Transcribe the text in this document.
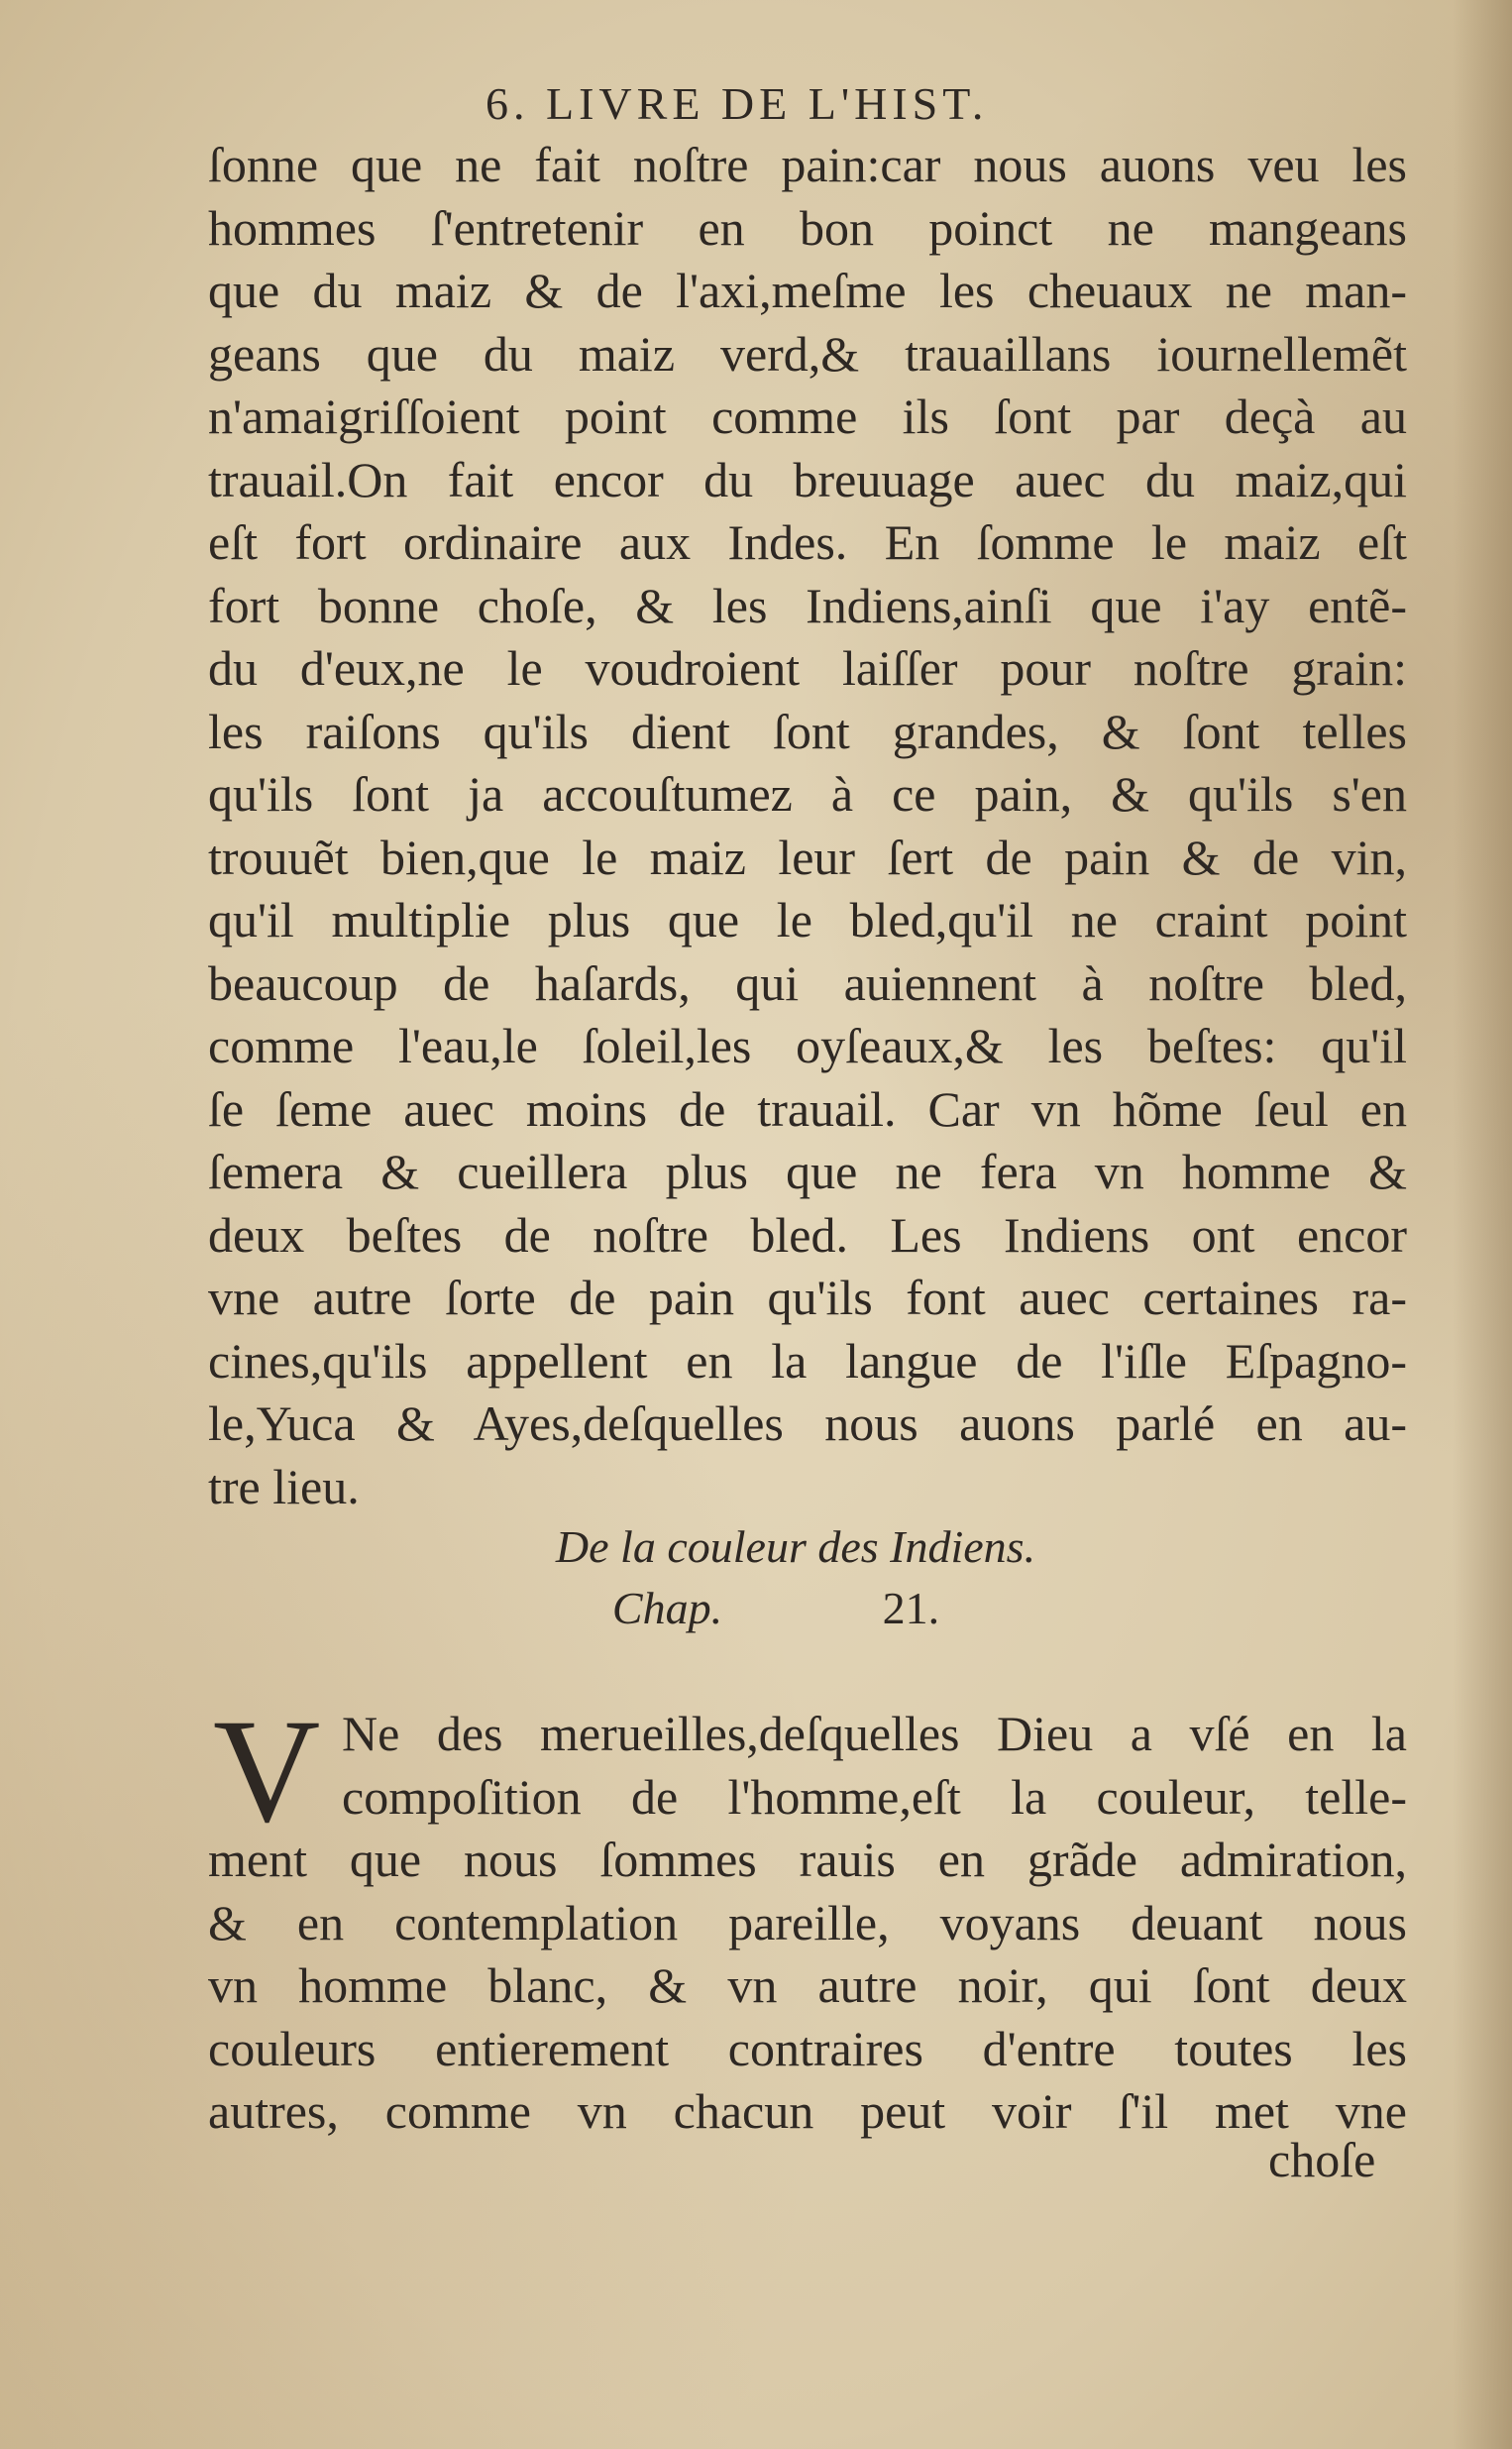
6. LIVRE DE L'HIST.
ſonne que ne fait noſtre pain:car nous auons veu les
hommes ſ'entretenir en bon poinct ne mangeans
que du maiz & de l'axi,meſme les cheuaux ne man-
geans que du maiz verd,& trauaillans iournellemẽt
n'amaigriſſoient point comme ils ſont par deçà au
trauail.On fait encor du breuuage auec du maiz,qui
eſt fort ordinaire aux Indes. En ſomme le maiz eſt
fort bonne choſe, & les Indiens,ainſi que i'ay entẽ-
du d'eux,ne le voudroient laiſſer pour noſtre grain:
les raiſons qu'ils dient ſont grandes, & ſont telles
qu'ils ſont ja accouſtumez à ce pain, & qu'ils s'en
trouuẽt bien,que le maiz leur ſert de pain & de vin,
qu'il multiplie plus que le bled,qu'il ne craint point
beaucoup de haſards, qui auiennent à noſtre bled,
comme l'eau,le ſoleil,les oyſeaux,& les beſtes: qu'il
ſe ſeme auec moins de trauail. Car vn hõme ſeul en
ſemera & cueillera plus que ne fera vn homme &
deux beſtes de noſtre bled. Les Indiens ont encor
vne autre ſorte de pain qu'ils font auec certaines ra-
cines,qu'ils appellent en la langue de l'iſle Eſpagno-
le,Yuca & Ayes,deſquelles nous auons parlé en au-
tre lieu.
De la couleur des Indiens.
Chap.	21.
V Ne des merueilles,deſquelles Dieu a vſé en la
compoſition de l'homme,eſt la couleur, telle-
ment que nous ſommes rauis en grãde admiration,
& en contemplation pareille, voyans deuant nous
vn homme blanc, & vn autre noir, qui ſont deux
couleurs entierement contraires d'entre toutes les
autres, comme vn chacun peut voir ſ'il met vne
choſe
